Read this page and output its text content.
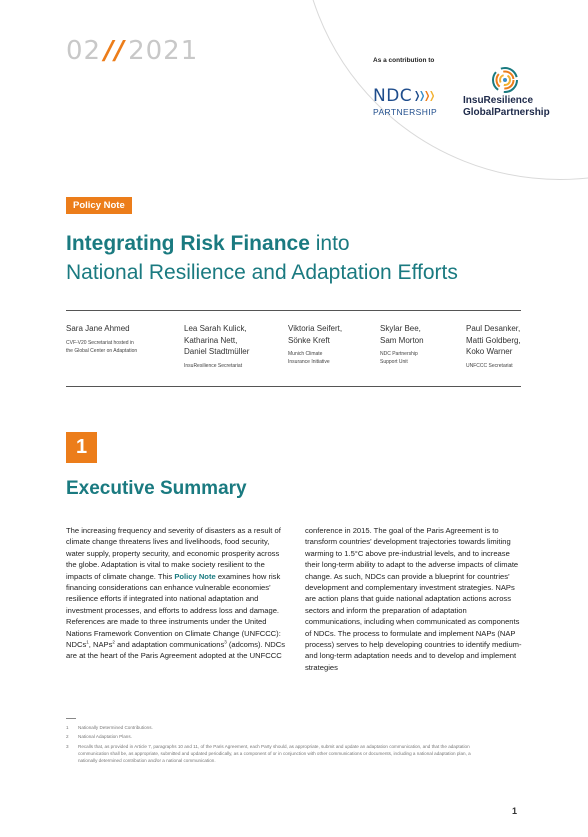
02 // 2021	As a contribution to
NDC
PARTNERSHIP
InsuResilience
GlobalPartnership
Policy Note
Integrating Risk Finance into
National Resilience and Adaptation Efforts
Sara Jane Ahmed
CVF-V20 Secretariat hosted in
the Global Center on Adaptation
Lea Sarah Kulick,
Katharina Nett,
Daniel Stadtmüller
InsuResilience Secretariat
Viktoria Seifert,
Sönke Kreft
Munich Climate
Insurance Initiative
Skylar Bee,
Sam Morton
NDC Partnership
Support Unit
Paul Desanker,
Matti Goldberg,
Koko Warner
UNFCCC Secretariat
1
Executive Summary
The increasing frequency and severity of disasters as a result of climate change threatens lives and livelihoods, food security, water supply, property security, and economic prosperity across the globe. Adaptation is vital to make society resilient to the impacts of climate change. This Policy Note examines how risk financing considerations can enhance vulnerable economies’ resilience efforts if integrated into national adaptation and investment processes, and efforts to address loss and damage. References are made to three instruments under the United Nations Framework Convention on Climate Change (UNFCCC): NDCs$^1$, NAPs$^2$ and adaptation communications$^3$ (adcoms). NDCs are at the heart of the Paris Agreement adopted at the UNFCCC
conference in 2015. The goal of the Paris Agreement is to transform countries’ development trajectories towards limiting warming to 1.5°C above pre-industrial levels, and to increase their long-term ability to adapt to the adverse impacts of climate change. As such, NDCs can provide a blueprint for countries’ development and complementary investment strategies. NAPs are action plans that guide national adaptation actions across sectors and inform the preparation of adaptation communications, including when communicated as components of NDCs. The process to formulate and implement NAPs (NAP process) serves to help developing countries to identify medium- and long-term adaptation needs and to develop and implement strategies
1	Nationally Determined Contributions.
2	National Adaptation Plans.
3	Recalls that, as provided in Article 7, paragraphs 10 and 11, of the Paris Agreement, each Party should, as appropriate, submit and update an adaptation communication, and that the adaptation communication shall be, as appropriate, submitted and updated periodically, as a component of or in conjunction with other communications or documents, including a national adaptation plan, a nationally determined contribution and/or a national communication.
1
